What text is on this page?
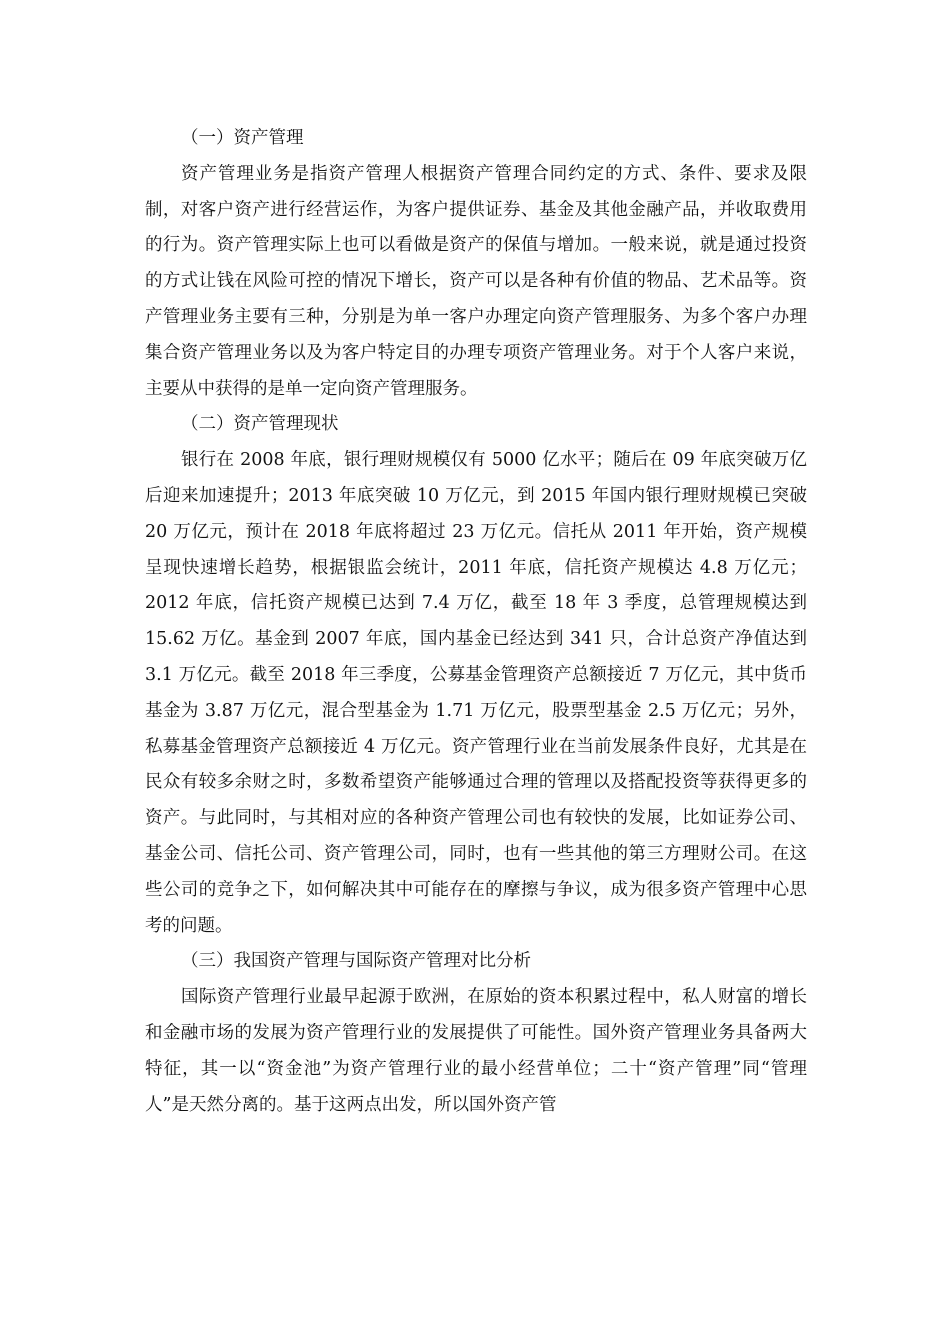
（一）资产管理

资产管理业务是指资产管理人根据资产管理合同约定的方式、条件、要求及限制，对客户资产进行经营运作，为客户提供证券、基金及其他金融产品，并收取费用的行为。资产管理实际上也可以看做是资产的保值与增加。一般来说，就是通过投资的方式让钱在风险可控的情况下增长，资产可以是各种有价值的物品、艺术品等。资产管理业务主要有三种，分别是为单一客户办理定向资产管理服务、为多个客户办理集合资产管理业务以及为客户特定目的办理专项资产管理业务。对于个人客户来说，主要从中获得的是单一定向资产管理服务。

（二）资产管理现状

银行在 2008 年底，银行理财规模仅有 5000 亿水平；随后在 09 年底突破万亿后迎来加速提升；2013 年底突破 10 万亿元，到 2015 年国内银行理财规模已突破 20 万亿元，预计在 2018 年底将超过 23 万亿元。信托从 2011 年开始，资产规模呈现快速增长趋势，根据银监会统计，2011 年底，信托资产规模达 4.8 万亿元；2012 年底，信托资产规模已达到 7.4 万亿，截至 18 年 3 季度，总管理规模达到 15.62 万亿。基金到 2007 年底，国内基金已经达到 341 只，合计总资产净值达到 3.1 万亿元。截至 2018 年三季度，公募基金管理资产总额接近 7 万亿元，其中货币基金为 3.87 万亿元，混合型基金为 1.71 万亿元，股票型基金 2.5 万亿元；另外，私募基金管理资产总额接近 4 万亿元。资产管理行业在当前发展条件良好，尤其是在民众有较多余财之时，多数希望资产能够通过合理的管理以及搭配投资等获得更多的资产。与此同时，与其相对应的各种资产管理公司也有较快的发展，比如证券公司、基金公司、信托公司、资产管理公司，同时，也有一些其他的第三方理财公司。在这些公司的竞争之下，如何解决其中可能存在的摩擦与争议，成为很多资产管理中心思考的问题。

（三）我国资产管理与国际资产管理对比分析

国际资产管理行业最早起源于欧洲，在原始的资本积累过程中，私人财富的增长和金融市场的发展为资产管理行业的发展提供了可能性。国外资产管理业务具备两大特征，其一以“资金池”为资产管理行业的最小经营单位；二十“资产管理”同“管理人”是天然分离的。基于这两点出发，所以国外资产管
